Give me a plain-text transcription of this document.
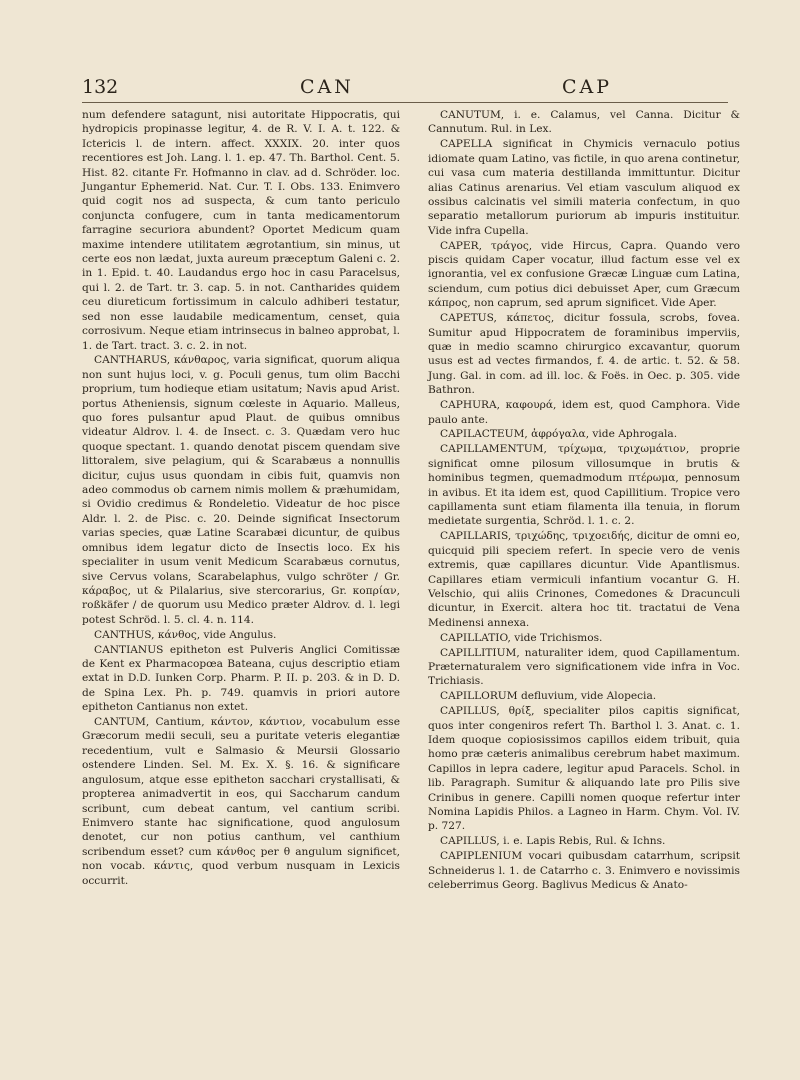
132	CAN	CAP

num defendere satagunt, nisi autoritate Hippocratis, qui hydropicis propinasse legitur, 4. de R. V. I. A. t. 122. & Ictericis l. de intern. affect. XXXIX. 20. inter quos recentiores est Joh. Lang. l. 1. ep. 47. Th. Barthol. Cent. 5. Hist. 82. citante Fr. Hofmanno in clav. ad d. Schröder. loc. Jungantur Ephemerid. Nat. Cur. T. I. Obs. 133. Enimvero quid cogit nos ad suspecta, & cum tanto periculo conjuncta confugere, cum in tanta medicamentorum farragine securiora abundent? Oportet Medicum quam maxime intendere utilitatem ægrotantium, sin minus, ut certe eos non lædat, juxta aureum præceptum Galeni c. 2. in 1. Epid. t. 40. Laudandus ergo hoc in casu Paracelsus, qui l. 2. de Tart. tr. 3. cap. 5. in not. Cantharides quidem ceu diureticum fortissimum in calculo adhiberi testatur, sed non esse laudabile medicamentum, censet, quia corrosivum. Neque etiam intrinsecus in balneo approbat, l. 1. de Tart. tract. 3. c. 2. in not.

CANTHARUS, κάνθαρος, varia significat, quorum aliqua non sunt hujus loci, v. g. Poculi genus, tum olim Bacchi proprium, tum hodieque etiam usitatum; Navis apud Arist. portus Atheniensis, signum cœleste in Aquario. Malleus, quo fores pulsantur apud Plaut. de quibus omnibus videatur Aldrov. l. 4. de Insect. c. 3. Quædam vero huc quoque spectant. 1. quando denotat piscem quendam sive littoralem, sive pelagium, qui & Scarabæus a nonnullis dicitur, cujus usus quondam in cibis fuit, quamvis non adeo commodus ob carnem nimis mollem & præhumidam, si Ovidio credimus & Rondeletio. Videatur de hoc pisce Aldr. l. 2. de Pisc. c. 20. Deinde significat Insectorum varias species, quæ Latine Scarabæi dicuntur, de quibus omnibus idem legatur dicto de Insectis loco. Ex his specialiter in usum venit Medicum Scarabæus cornutus, sive Cervus volans, Scarabelaphus, vulgo schröter / Gr. κάραβος, ut & Pilalarius, sive stercorarius, Gr. κοπρίαν, roßkäfer / de quorum usu Medico præter Aldrov. d. l. legi potest Schröd. l. 5. cl. 4. n. 114.

CANTHUS, κάνθος, vide Angulus.

CANTIANUS epitheton est Pulveris Anglici Comitissæ de Kent ex Pharmacopœa Bateana, cujus descriptio etiam extat in D.D. Iunken Corp. Pharm. P. II. p. 203. & in D. D. de Spina Lex. Ph. p. 749. quamvis in priori autore epitheton Cantianus non extet.

CANTUM, Cantium, κάντον, κάντιον, vocabulum esse Græcorum medii seculi, seu a puritate veteris elegantiæ recedentium, vult e Salmasio & Meursii Glossario ostendere Linden. Sel. M. Ex. X. §. 16. & significare angulosum, atque esse epitheton sacchari crystallisati, & propterea animadvertit in eos, qui Saccharum candum scribunt, cum debeat cantum, vel cantium scribi. Enimvero stante hac significatione, quod angulosum denotet, cur non potius canthum, vel canthium scribendum esset? cum κάνθος per θ angulum significet, non vocab. κάντις, quod verbum nusquam in Lexicis occurrit.

CANUTUM, i. e. Calamus, vel Canna. Dicitur & Cannutum. Rul. in Lex.

CAPELLA significat in Chymicis vernaculo potius idiomate quam Latino, vas fictile, in quo arena continetur, cui vasa cum materia destillanda immittuntur. Dicitur alias Catinus arenarius. Vel etiam vasculum aliquod ex ossibus calcinatis vel simili materia confectum, in quo separatio metallorum puriorum ab impuris instituitur. Vide infra Cupella.

CAPER, τράγος, vide Hircus, Capra. Quando vero piscis quidam Caper vocatur, illud factum esse vel ex ignorantia, vel ex confusione Græcæ Linguæ cum Latina, sciendum, cum potius dici debuisset Aper, cum Græcum κάπρος, non caprum, sed aprum significet. Vide Aper.

CAPETUS, κάπετος, dicitur fossula, scrobs, fovea. Sumitur apud Hippocratem de foraminibus imperviis, quæ in medio scamno chirurgico excavantur, quorum usus est ad vectes firmandos, f. 4. de artic. t. 52. & 58. Jung. Gal. in com. ad ill. loc. & Foës. in Oec. p. 305. vide Bathron.

CAPHURA, καφουρά, idem est, quod Camphora. Vide paulo ante.

CAPILACTEUM, ἀφρόγαλα, vide Aphrogala.

CAPILLAMENTUM, τρίχωμα, τριχωμάτιον, proprie significat omne pilosum villosumque in brutis & hominibus tegmen, quemadmodum πτέρωμα, pennosum in avibus. Et ita idem est, quod Capillitium. Tropice vero capillamenta sunt etiam filamenta illa tenuia, in florum medietate surgentia, Schröd. l. 1. c. 2.

CAPILLARIS, τριχώδης, τριχοειδής, dicitur de omni eo, quicquid pili speciem refert. In specie vero de venis extremis, quæ capillares dicuntur. Vide Apantlismus. Capillares etiam vermiculi infantium vocantur G. H. Velschio, qui aliis Crinones, Comedones & Dracunculi dicuntur, in Exercit. altera hoc tit. tractatui de Vena Medinensi annexa.

CAPILLATIO, vide Trichismos.

CAPILLITIUM, naturaliter idem, quod Capillamentum. Præternaturalem vero significationem vide infra in Voc. Trichiasis.

CAPILLORUM defluvium, vide Alopecia.

CAPILLUS, θρίξ, specialiter pilos capitis significat, quos inter congeniros refert Th. Barthol l. 3. Anat. c. 1. Idem quoque copiosissimos capillos eidem tribuit, quia homo præ cæteris animalibus cerebrum habet maximum. Capillos in lepra cadere, legitur apud Paracels. Schol. in lib. Paragraph. Sumitur & aliquando late pro Pilis sive Crinibus in genere. Capilli nomen quoque refertur inter Nomina Lapidis Philos. a Lagneo in Harm. Chym. Vol. IV. p. 727.

CAPILLUS, i. e. Lapis Rebis, Rul. & Ichns.

CAPIPLENIUM vocari quibusdam catarrhum, scripsit Schneiderus l. 1. de Catarrho c. 3. Enimvero e novissimis celeberrimus Georg. Baglivus Medicus & Anato-
